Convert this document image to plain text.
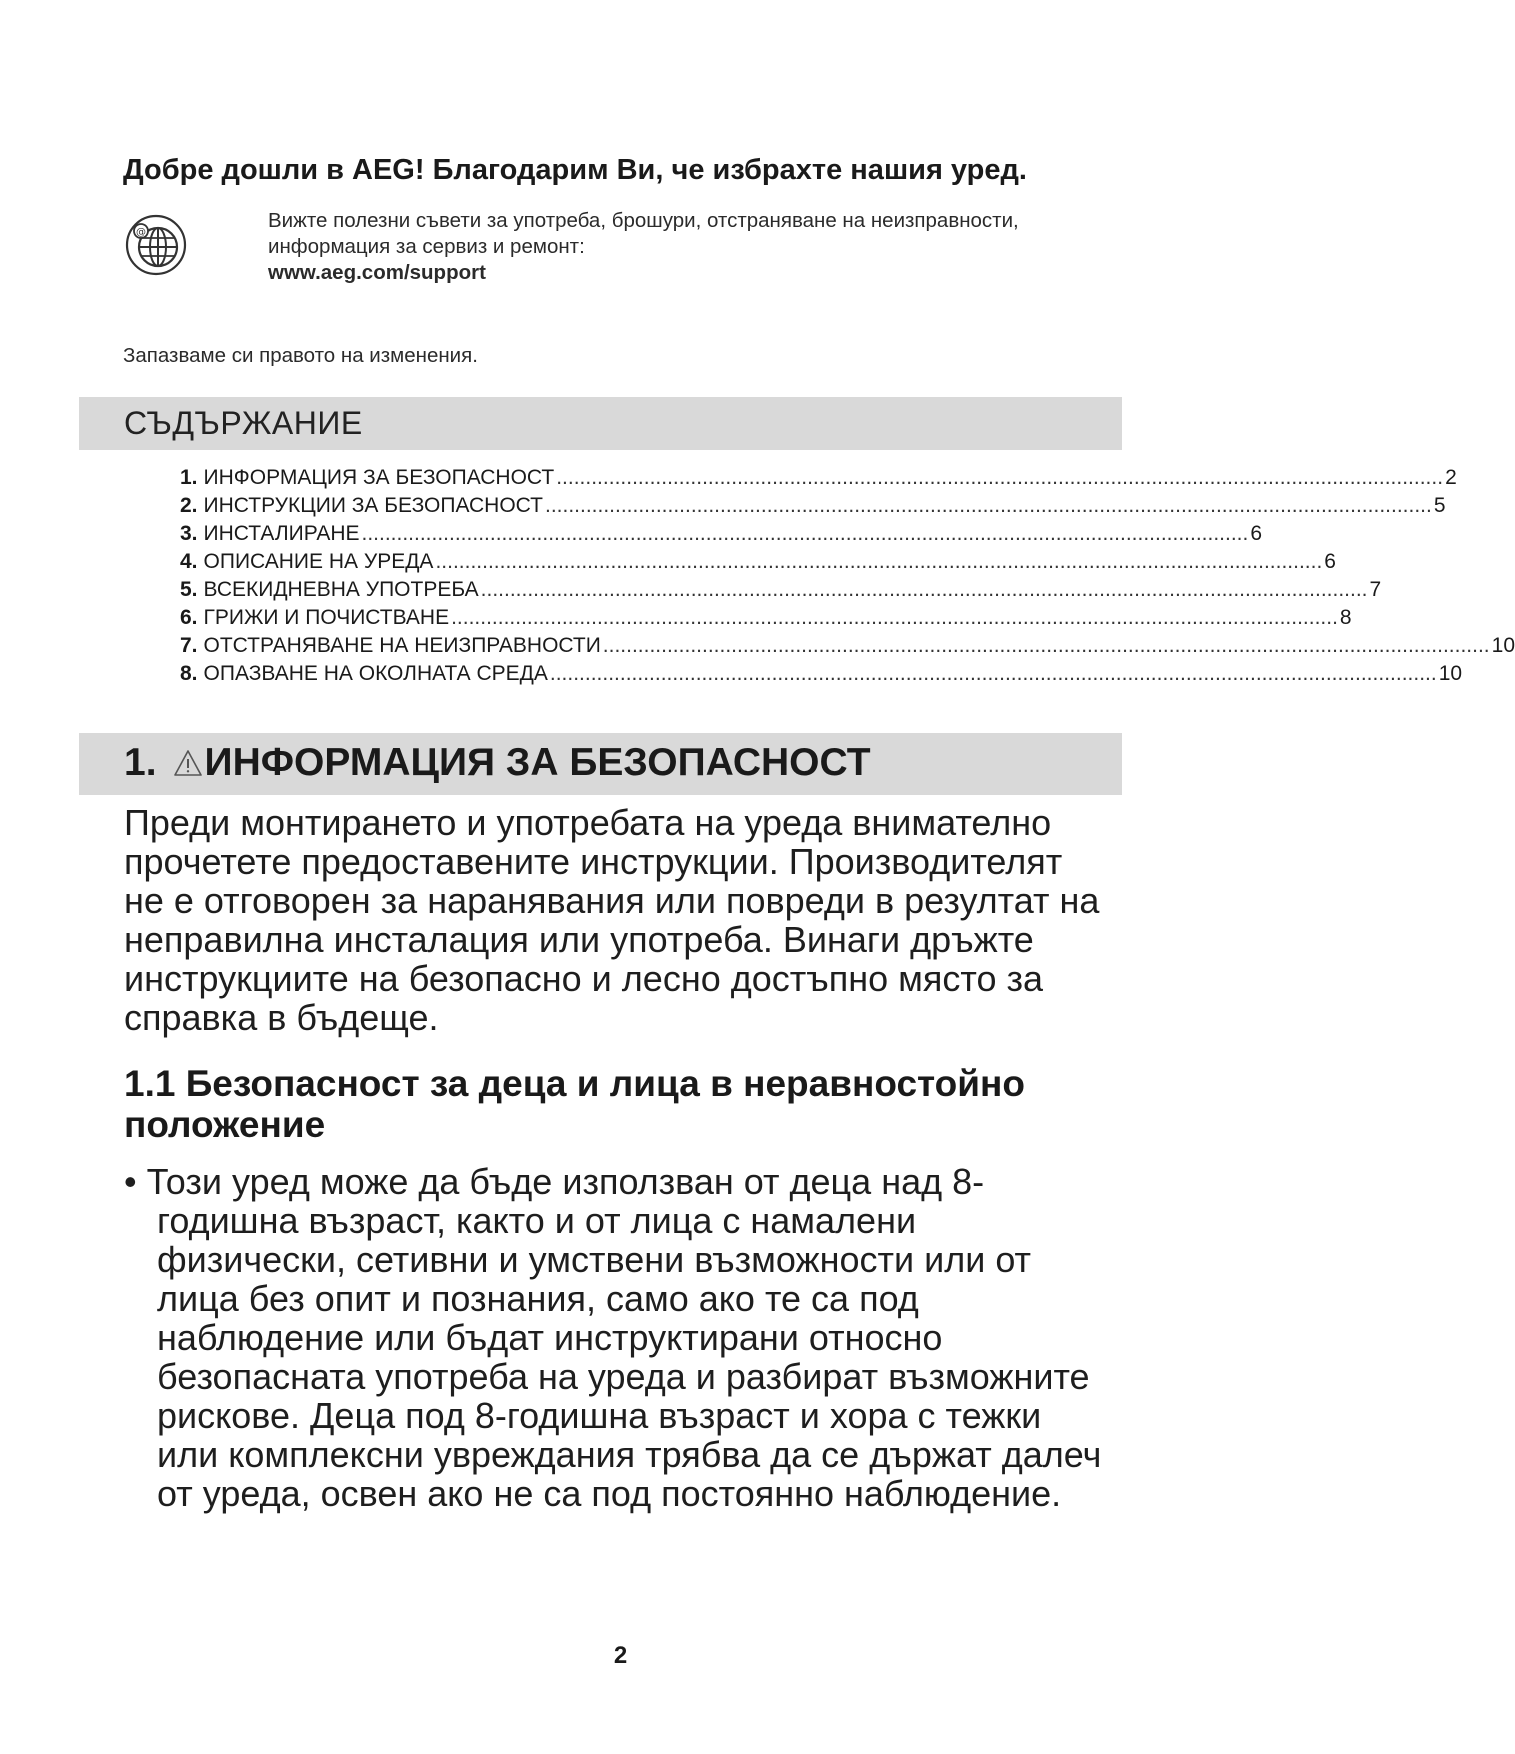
Добре дошли в AEG! Благодарим Ви, че избрахте нашия уред.
@
Вижте полезни съвети за употреба, брошури, отстраняване на неизправности,
информация за сервиз и ремонт:
www.aeg.com/support
Запазваме си правото на изменения.
СЪДЪРЖАНИЕ
1. ИНФОРМАЦИЯ ЗА БЕЗОПАСНОСТ ........................................................................................................................................................ 2
2. ИНСТРУКЦИИ ЗА БЕЗОПАСНОСТ ........................................................................................................................................................ 5
3. ИНСТАЛИРАНЕ ........................................................................................................................................................ 6
4. ОПИСАНИЕ НА УРЕДА ........................................................................................................................................................ 6
5. ВСЕКИДНЕВНА УПОТРЕБА ........................................................................................................................................................ 7
6. ГРИЖИ И ПОЧИСТВАНЕ ........................................................................................................................................................ 8
7. ОТСТРАНЯВАНЕ НА НЕИЗПРАВНОСТИ ........................................................................................................................................................ 10
8. ОПАЗВАНЕ НА ОКОЛНАТА СРЕДА ........................................................................................................................................................ 10
1. ИНФОРМАЦИЯ ЗА БЕЗОПАСНОСТ
Преди монтирането и употребата на уреда внимателно
прочетете предоставените инструкции. Производителят
не е отговорен за наранявания или повреди в резултат на
неправилна инсталация или употреба. Винаги дръжте
инструкциите на безопасно и лесно достъпно място за
справка в бъдеще.
1.1 Безопасност за деца и лица в неравностойно
положение
• Този уред може да бъде използван от деца над 8-
годишна възраст, както и от лица с намалени
физически, сетивни и умствени възможности или от
лица без опит и познания, само ако те са под
наблюдение или бъдат инструктирани относно
безопасната употреба на уреда и разбират възможните
рискове. Деца под 8-годишна възраст и хора с тежки
или комплексни увреждания трябва да се държат далеч
от уреда, освен ако не са под постоянно наблюдение.
2
